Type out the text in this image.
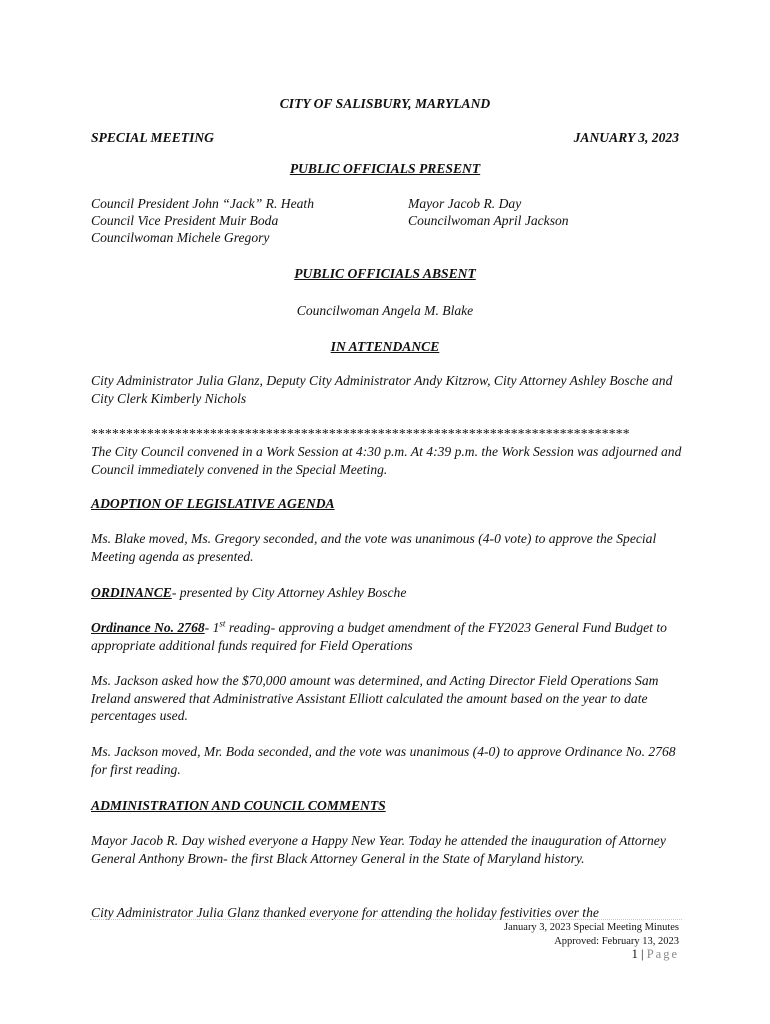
CITY OF SALISBURY, MARYLAND
SPECIAL MEETING	JANUARY 3, 2023
PUBLIC OFFICIALS PRESENT
Council President John “Jack” R. Heath
Council Vice President Muir Boda
Councilwoman Michele Gregory
Mayor Jacob R. Day
Councilwoman April Jackson
PUBLIC OFFICIALS ABSENT
Councilwoman Angela M. Blake
IN ATTENDANCE
City Administrator Julia Glanz, Deputy City Administrator Andy Kitzrow, City Attorney Ashley Bosche and City Clerk Kimberly Nichols
*****************************************************************************
The City Council convened in a Work Session at 4:30 p.m. At 4:39 p.m. the Work Session was adjourned and Council immediately convened in the Special Meeting.
ADOPTION OF LEGISLATIVE AGENDA
Ms. Blake moved, Ms. Gregory seconded, and the vote was unanimous (4-0 vote) to approve the Special Meeting agenda as presented.
ORDINANCE- presented by City Attorney Ashley Bosche
Ordinance No. 2768- 1st reading- approving a budget amendment of the FY2023 General Fund Budget to appropriate additional funds required for Field Operations
Ms. Jackson asked how the $70,000 amount was determined, and Acting Director Field Operations Sam Ireland answered that Administrative Assistant Elliott calculated the amount based on the year to date percentages used.
Ms. Jackson moved, Mr. Boda seconded, and the vote was unanimous (4-0) to approve Ordinance No. 2768 for first reading.
ADMINISTRATION AND COUNCIL COMMENTS
Mayor Jacob R. Day wished everyone a Happy New Year. Today he attended the inauguration of Attorney General Anthony Brown- the first Black Attorney General in the State of Maryland history.
City Administrator Julia Glanz thanked everyone for attending the holiday festivities over the
January 3, 2023 Special Meeting Minutes
Approved: February 13, 2023
1 | Page
